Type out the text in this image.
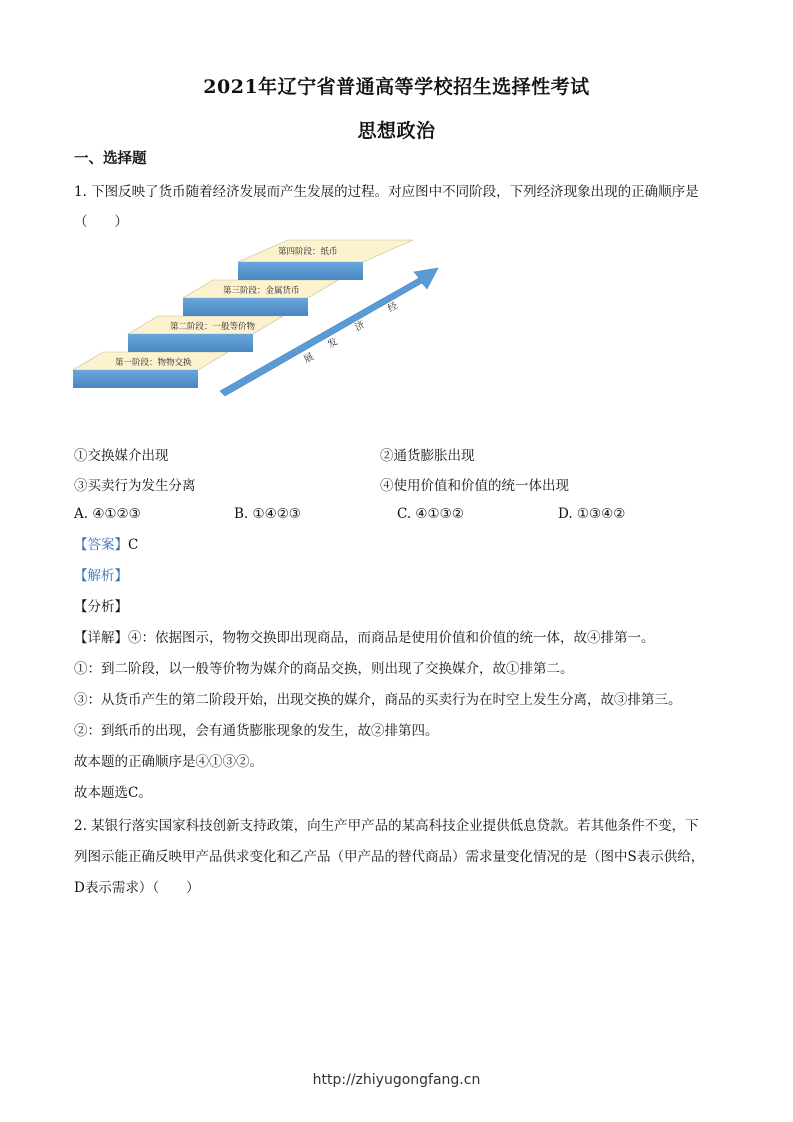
2021年辽宁省普通高等学校招生选择性考试
思想政治
一、选择题
1. 下图反映了货币随着经济发展而产生发展的过程。对应图中不同阶段，下列经济现象出现的正确顺序是
（　　）
第一阶段：物物交换
第二阶段：一般等价物
第三阶段：金属货币
第四阶段：纸币
经
济
发
展
①交换媒介出现	②通货膨胀出现
③买卖行为发生分离	④使用价值和价值的统一体出现
A. ④①②③	B. ①④②③	C. ④①③②	D. ①③④②
【答案】C
【解析】
【分析】
【详解】④：依据图示，物物交换即出现商品，而商品是使用价值和价值的统一体，故④排第一。
①：到二阶段，以一般等价物为媒介的商品交换，则出现了交换媒介，故①排第二。
③：从货币产生的第二阶段开始，出现交换的媒介，商品的买卖行为在时空上发生分离，故③排第三。
②：到纸币的出现，会有通货膨胀现象的发生，故②排第四。
故本题的正确顺序是④①③②。
故本题选C。
2. 某银行落实国家科技创新支持政策，向生产甲产品的某高科技企业提供低息贷款。若其他条件不变，下
列图示能正确反映甲产品供求变化和乙产品（甲产品的替代商品）需求量变化情况的是（图中S表示供给，
D表示需求）（　　）
http://zhiyugongfang.cn
